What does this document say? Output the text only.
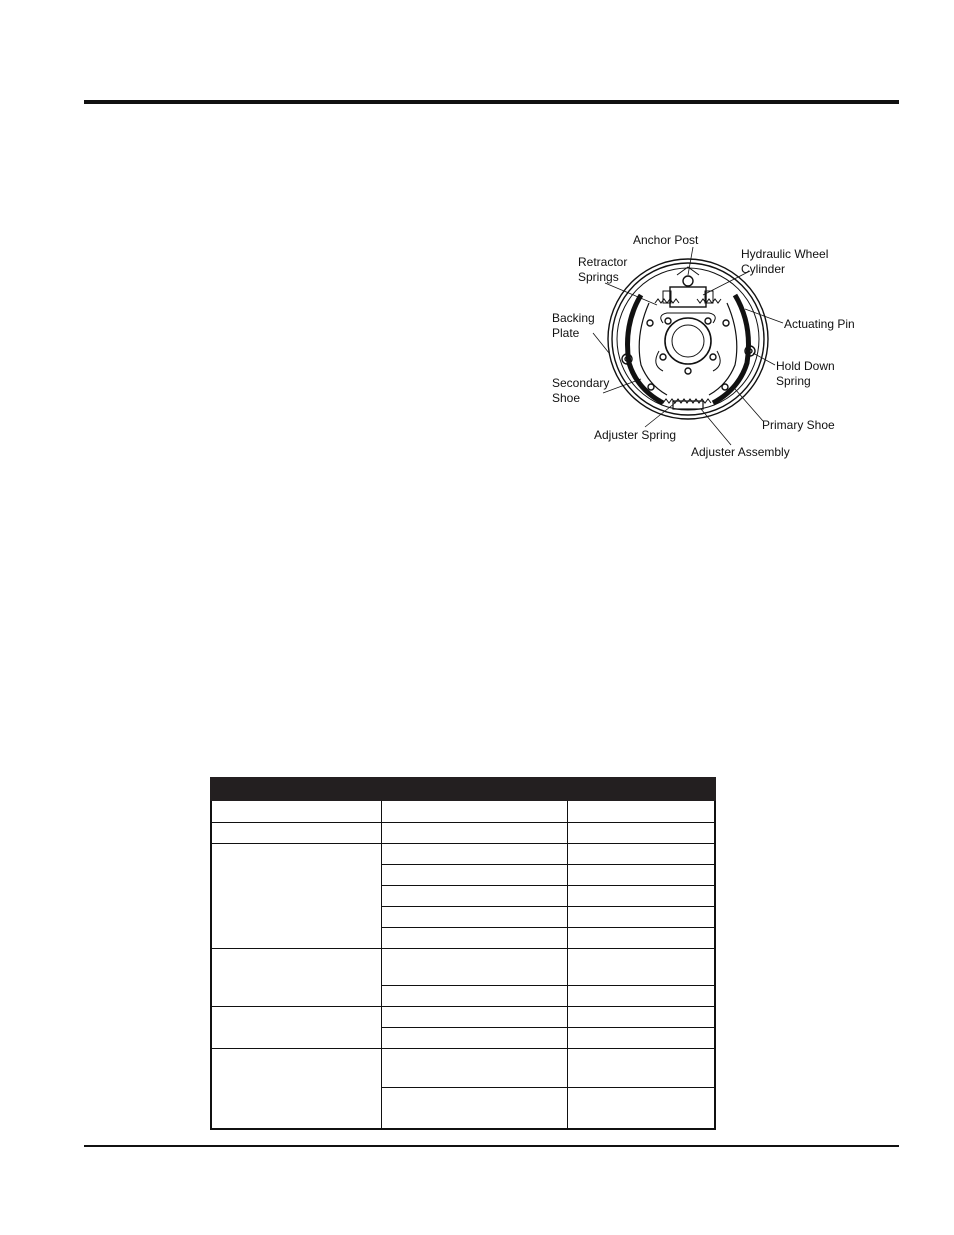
Anchor Post
Hydraulic Wheel
Cylinder
Retractor
Springs
Actuating Pin
Backing
Plate
Hold Down
Spring
Secondary
Shoe
Primary Shoe
Adjuster Spring
Adjuster Assembly
